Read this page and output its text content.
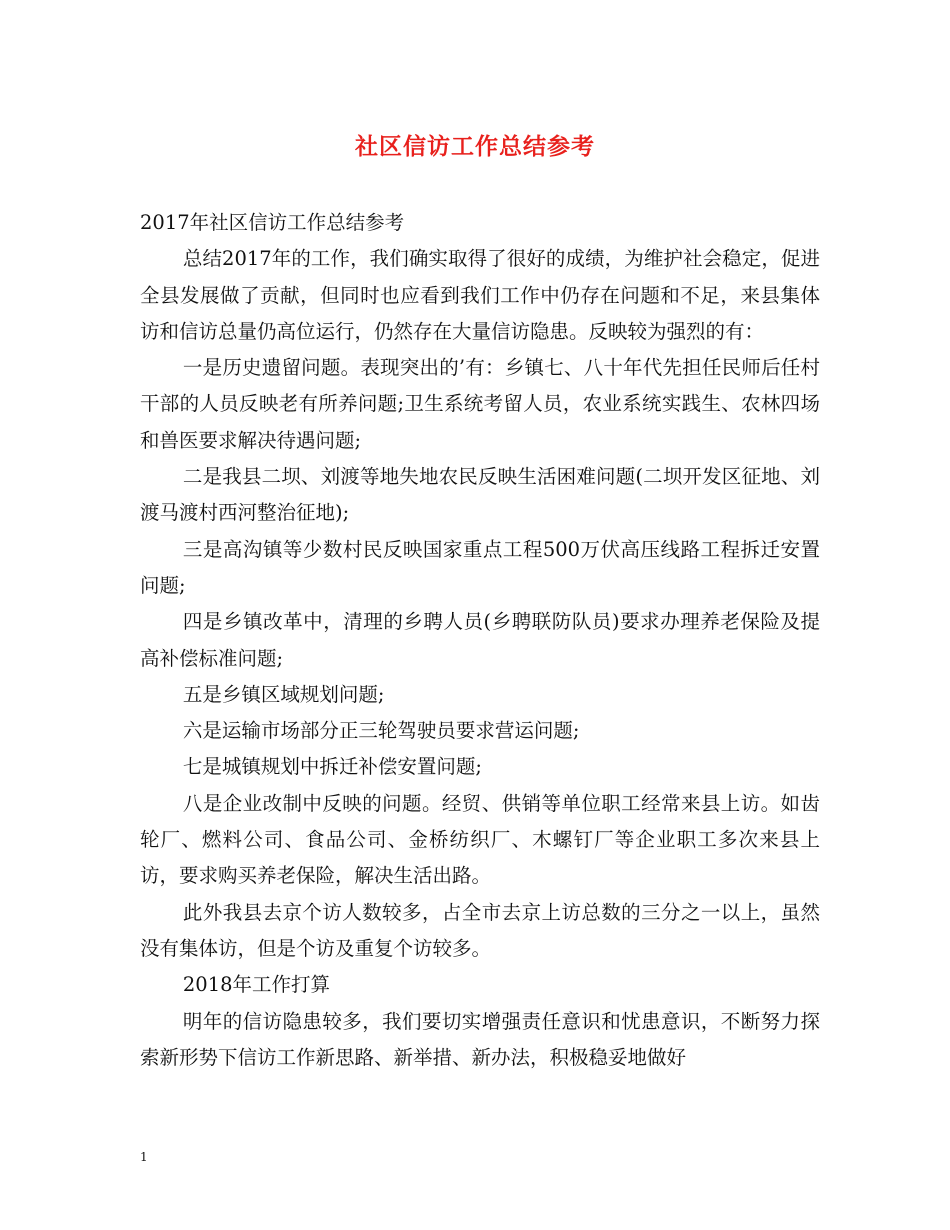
社区信访工作总结参考

2017年社区信访工作总结参考

总结2017年的工作，我们确实取得了很好的成绩，为维护社会稳定，促进全县发展做了贡献，但同时也应看到我们工作中仍存在问题和不足，来县集体访和信访总量仍高位运行，仍然存在大量信访隐患。反映较为强烈的有：

一是历史遗留问题。表现突出的’有：乡镇七、八十年代先担任民师后任村干部的人员反映老有所养问题;卫生系统考留人员，农业系统实践生、农林四场和兽医要求解决待遇问题;

二是我县二坝、刘渡等地失地农民反映生活困难问题(二坝开发区征地、刘渡马渡村西河整治征地);

三是高沟镇等少数村民反映国家重点工程500万伏高压线路工程拆迁安置问题;

四是乡镇改革中，清理的乡聘人员(乡聘联防队员)要求办理养老保险及提高补偿标准问题;

五是乡镇区域规划问题;

六是运输市场部分正三轮驾驶员要求营运问题;

七是城镇规划中拆迁补偿安置问题;

八是企业改制中反映的问题。经贸、供销等单位职工经常来县上访。如齿轮厂、燃料公司、食品公司、金桥纺织厂、木螺钉厂等企业职工多次来县上访，要求购买养老保险，解决生活出路。

此外我县去京个访人数较多，占全市去京上访总数的三分之一以上，虽然没有集体访，但是个访及重复个访较多。

2018年工作打算

明年的信访隐患较多，我们要切实增强责任意识和忧患意识，不断努力探索新形势下信访工作新思路、新举措、新办法，积极稳妥地做好

1
